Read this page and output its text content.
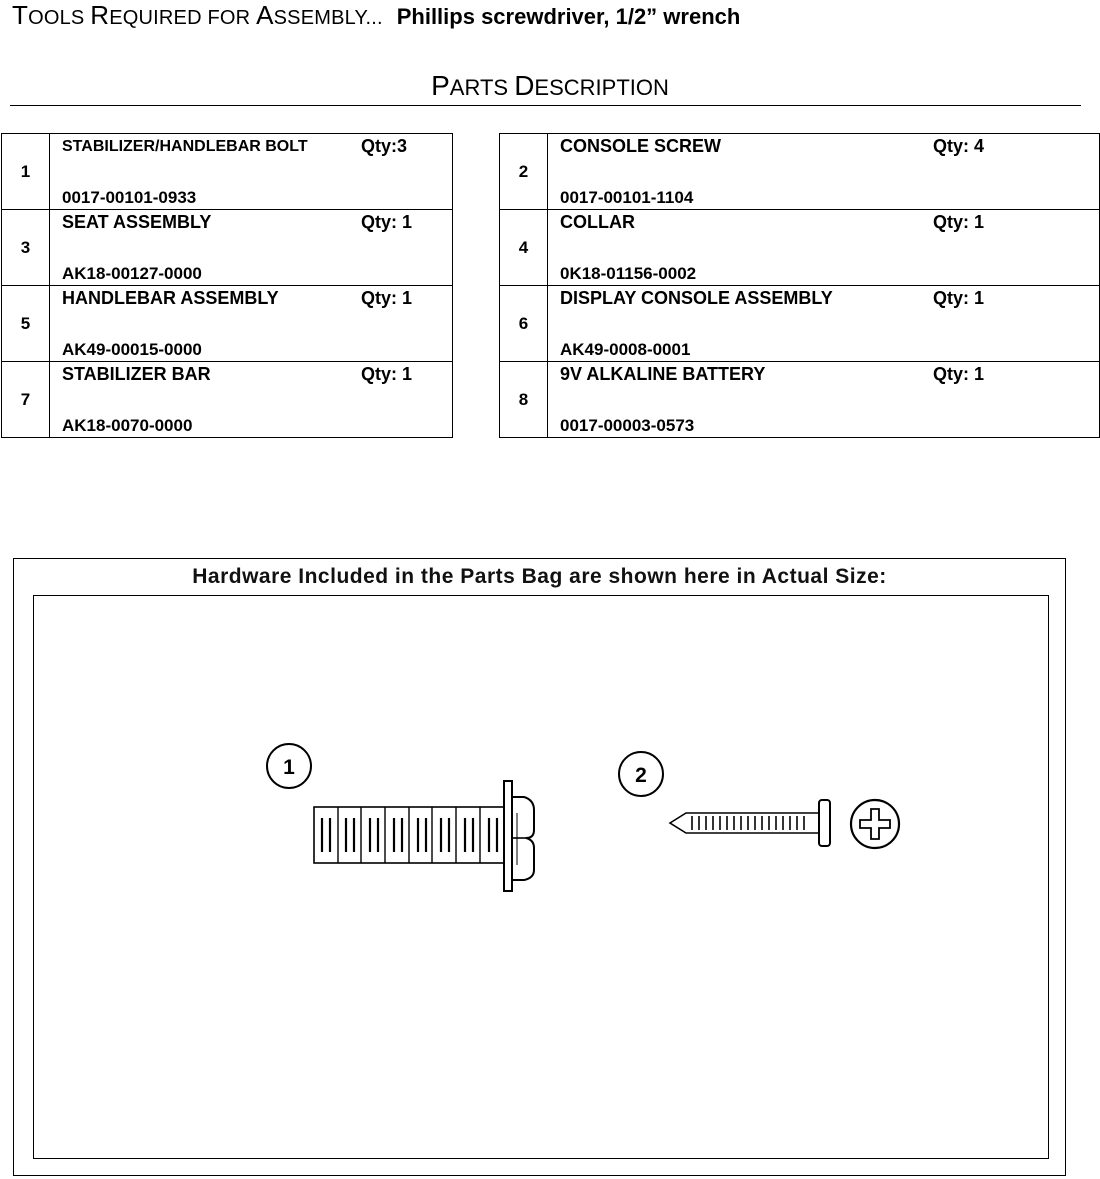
TOOLS REQUIRED FOR ASSEMBLY... Phillips screwdriver, 1/2” wrench
PARTS DESCRIPTION
1	STABILIZER/HANDLEBAR BOLT Qty:3
0017-00101-0933

3	SEAT ASSEMBLY Qty: 1
AK18-00127-0000

5	HANDLEBAR ASSEMBLY Qty: 1
AK49-00015-0000

7	STABILIZER BAR Qty: 1
AK18-0070-0000
2	CONSOLE SCREW Qty: 4
0017-00101-1104

4	COLLAR Qty: 1
0K18-01156-0002

6	DISPLAY CONSOLE ASSEMBLY Qty: 1
AK49-0008-0001

8	9V ALKALINE BATTERY Qty: 1
0017-00003-0573
Hardware Included in the Parts Bag are shown here in Actual Size:
1	2
